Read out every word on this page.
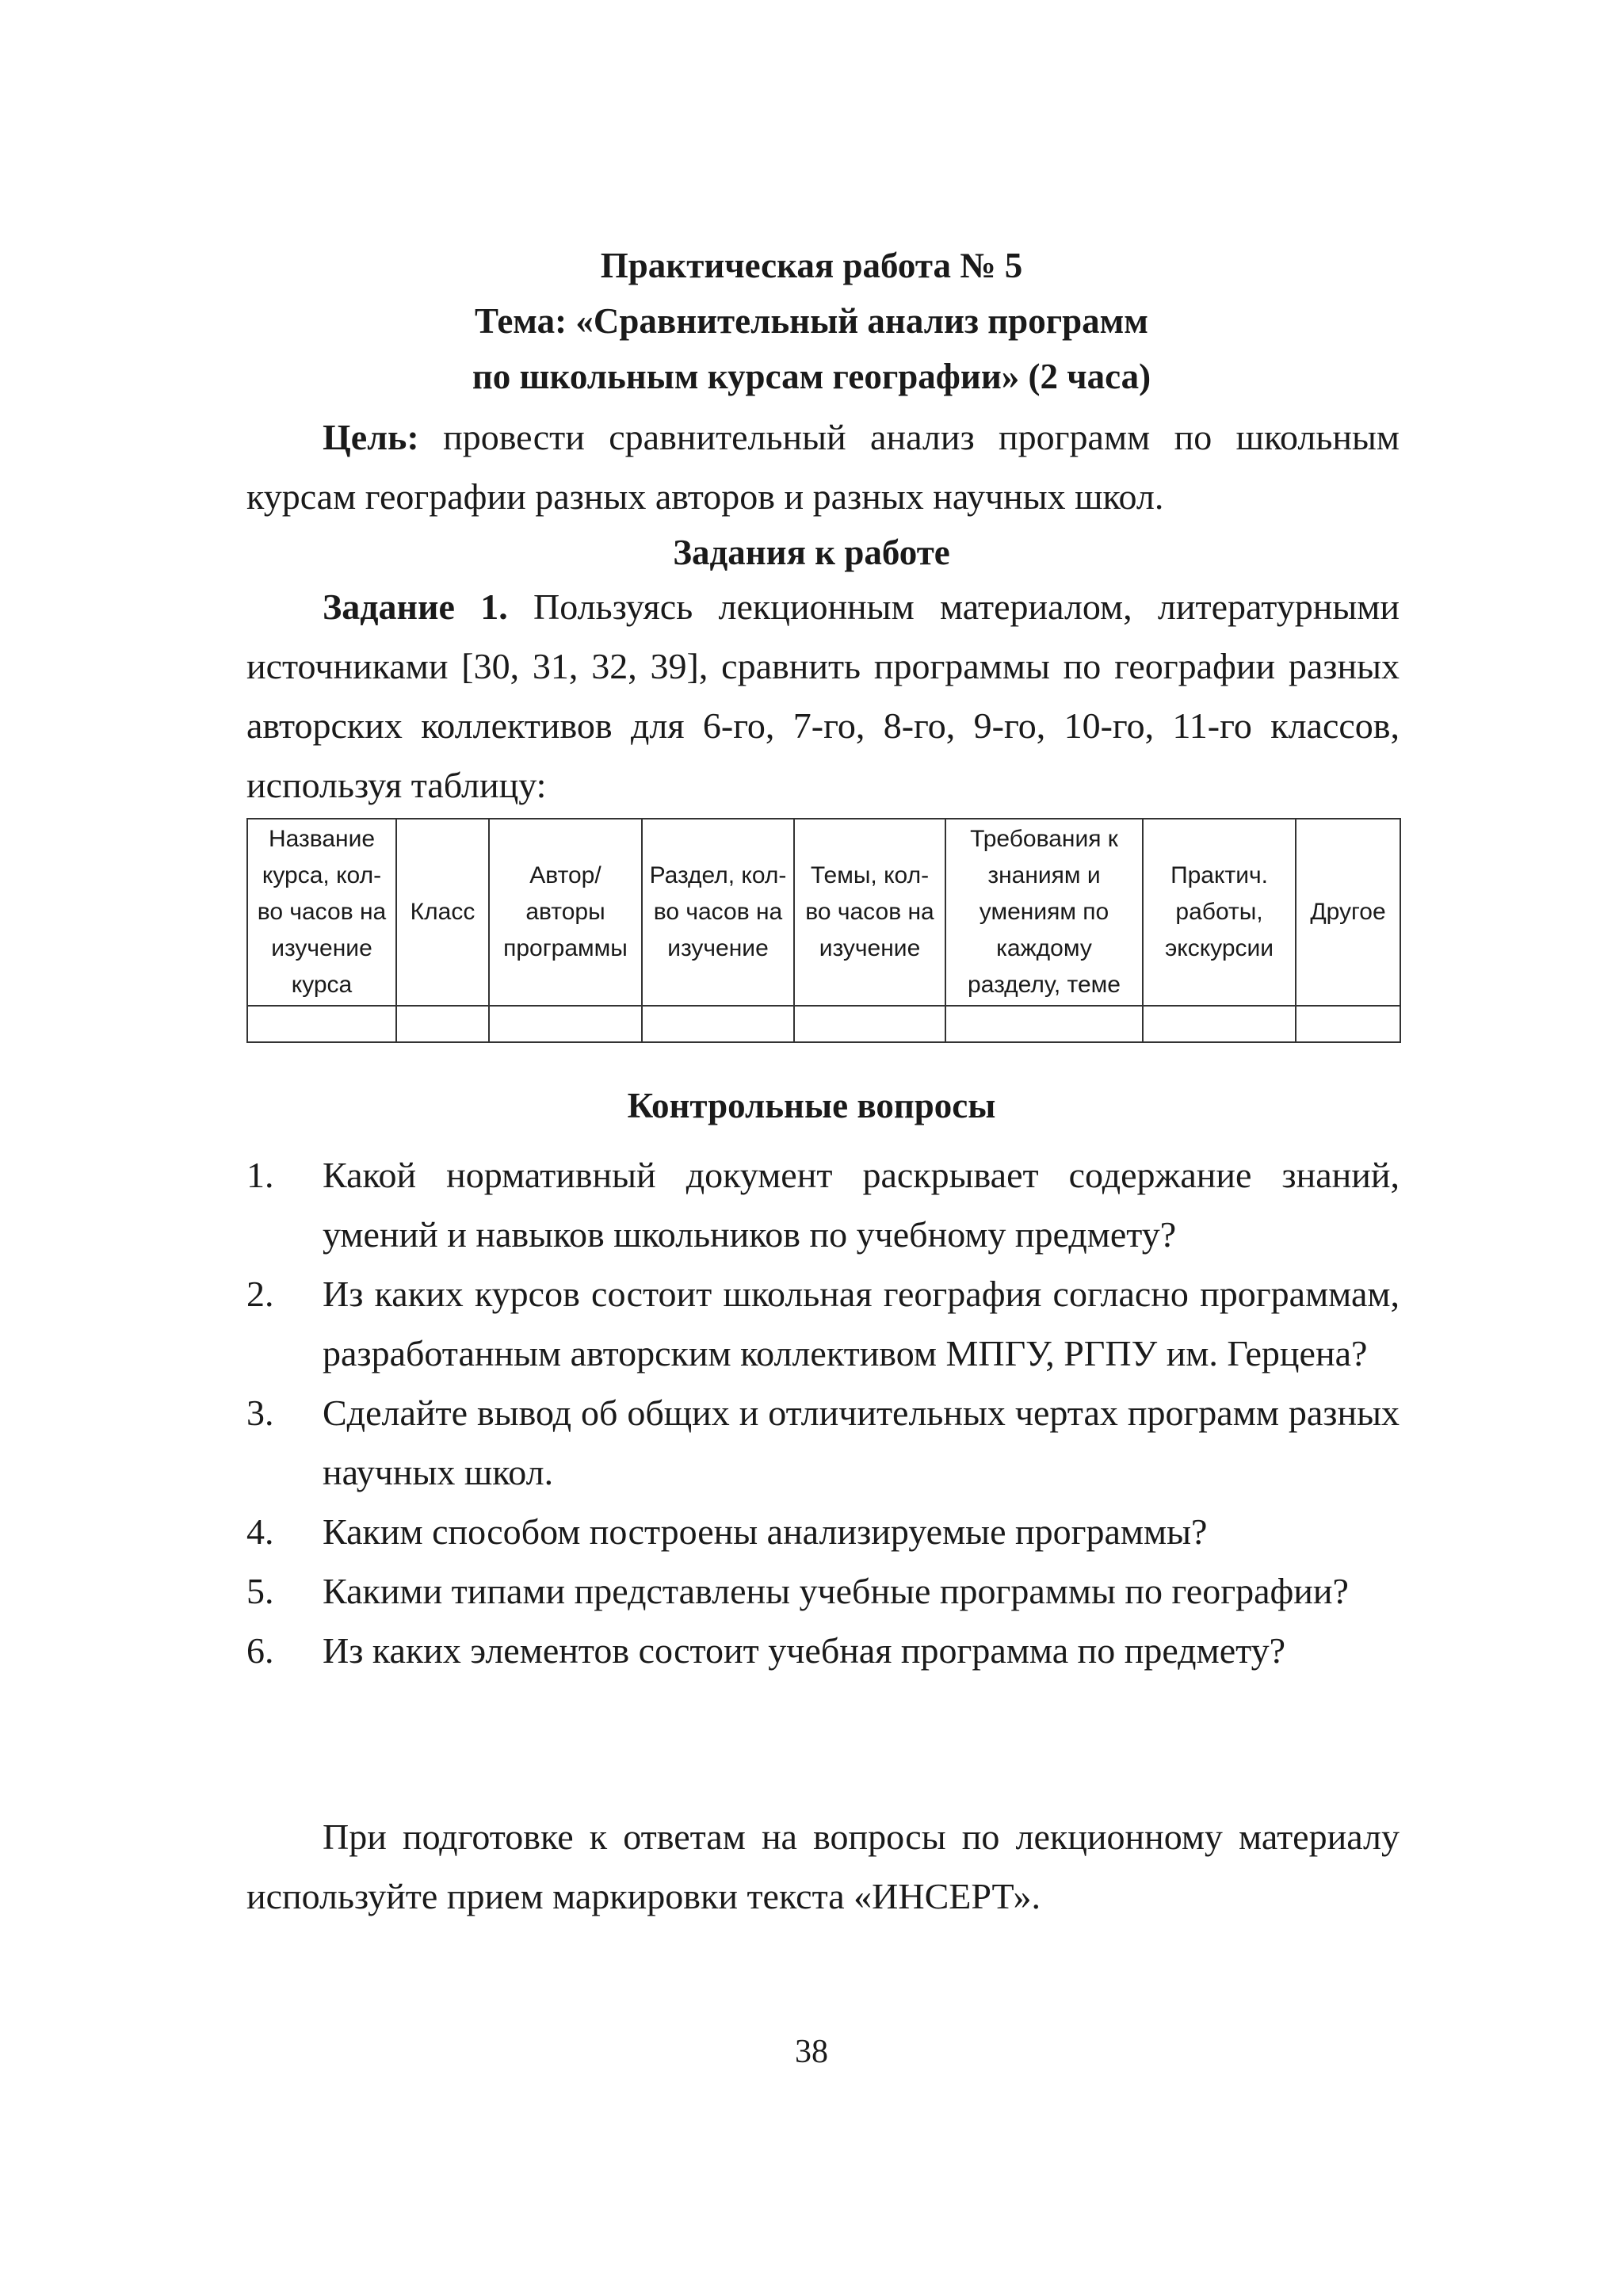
Практическая работа № 5
Тема: «Сравнительный анализ программ
по школьным курсам географии» (2 часа)
Цель: провести сравнительный анализ программ по школьным курсам географии разных авторов и разных научных школ.
Задания к работе
Задание 1. Пользуясь лекционным материалом, литературными источниками [30, 31, 32, 39], сравнить программы по географии разных авторских коллективов для 6-го, 7-го, 8-го, 9-го, 10-го, 11-го классов, используя таблицу:
Название курса, кол-во часов на изучение курса	Класс	Автор/ авторы программы	Раздел, кол-во часов на изучение	Темы, кол-во часов на изучение	Требования к знаниям и умениям по каждому разделу, теме	Практич. работы, экскурсии	Другое

Контрольные вопросы
1.	Какой нормативный документ раскрывает содержание знаний, умений и навыков школьников по учебному предмету?
2.	Из каких курсов состоит школьная география согласно программам, разработанным авторским коллективом МПГУ, РГПУ им. Герцена?
3.	Сделайте вывод об общих и отличительных чертах программ разных научных школ.
4.	Каким способом построены анализируемые программы?
5.	Какими типами представлены учебные программы по географии?
6.	Из каких элементов состоит учебная программа по предмету?
При подготовке к ответам на вопросы по лекционному материалу используйте прием маркировки текста «ИНСЕРТ».
38
